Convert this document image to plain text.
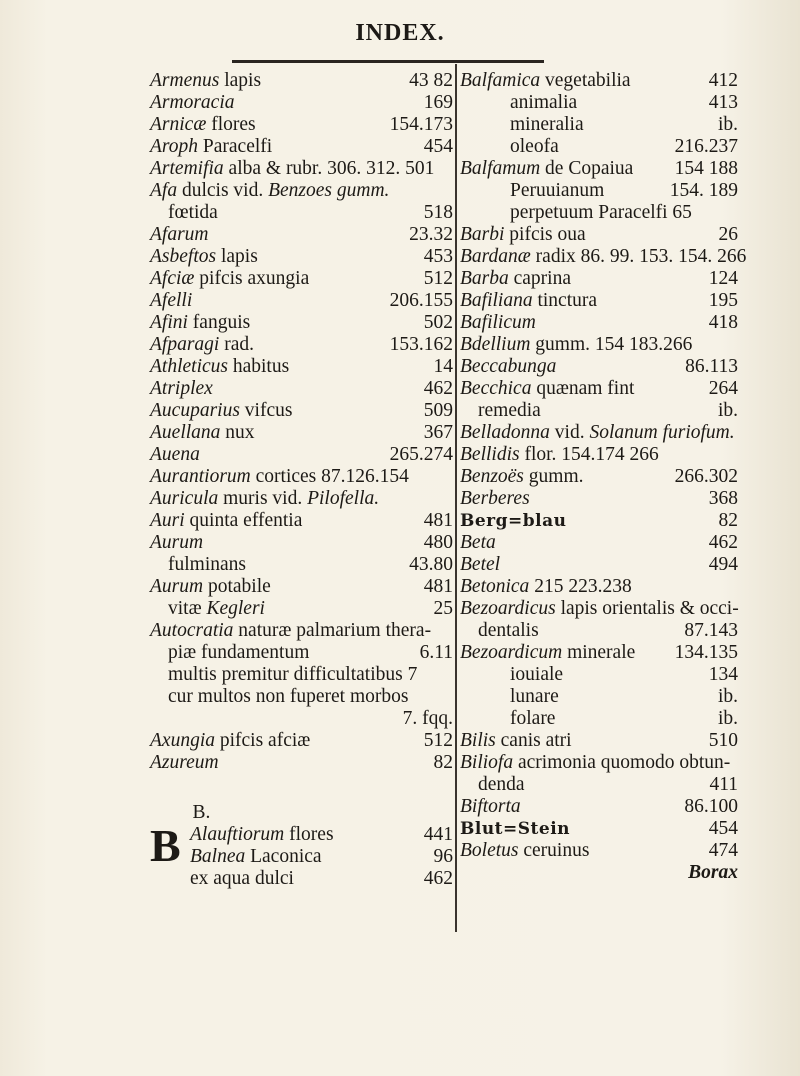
INDEX.
Armenus lapis	43 82
Armoracia	169
Arnicæ flores	154.173
Aroph Paracelfi	454
Artemifia alba & rubr. 306. 312. 501
Afa dulcis vid. Benzoes gumm.
fœtida	518
Afarum	23.32
Asbeftos lapis	453
Afciæ pifcis axungia	512
Afelli	206.155
Afini fanguis	502
Afparagi rad.	153.162
Athleticus habitus	14
Atriplex	462
Aucuparius vifcus	509
Auellana nux	367
Auena	265.274
Aurantiorum cortices 87.126.154
Auricula muris vid. Pilofella.
Auri quinta effentia	481
Aurum	480
fulminans	43.80
Aurum potabile	481
vitæ Kegleri	25
Autocratia naturæ palmarium thera-
piæ fundamentum	6.11
multis premitur difficultatibus 7
cur multos non fuperet morbos
7. fqq.
Axungia pifcis afciæ	512
Azureum	82
B.
B Alauftiorum flores	441
Balnea Laconica	96
ex aqua dulci	462
Balfamica vegetabilia	412
animalia	413
mineralia	ib.
oleofa	216.237
Balfamum de Copaiua 154 188
Peruuianum	154. 189
perpetuum Paracelfi 65
Barbi pifcis oua	26
Bardanæ radix 86. 99. 153. 154. 266
Barba caprina	124
Bafiliana tinctura	195
Bafilicum	418
Bdellium gumm. 154 183.266
Beccabunga	86.113
Becchica quænam fint	264
remedia	ib.
Belladonna vid. Solanum furiofum.
Bellidis flor. 154.174 266
Benzoës gumm.	266.302
Berberes	368
Berg=blau	82
Beta	462
Betel	494
Betonica 215 223.238
Bezoardicus lapis orientalis & occi-
dentalis	87.143
Bezoardicum minerale 134.135
iouiale	134
lunare	ib.
folare	ib.
Bilis canis atri	510
Biliofa acrimonia quomodo obtun-
denda	411
Biftorta	86.100
Blut=Stein	454
Boletus ceruinus	474
Borax
